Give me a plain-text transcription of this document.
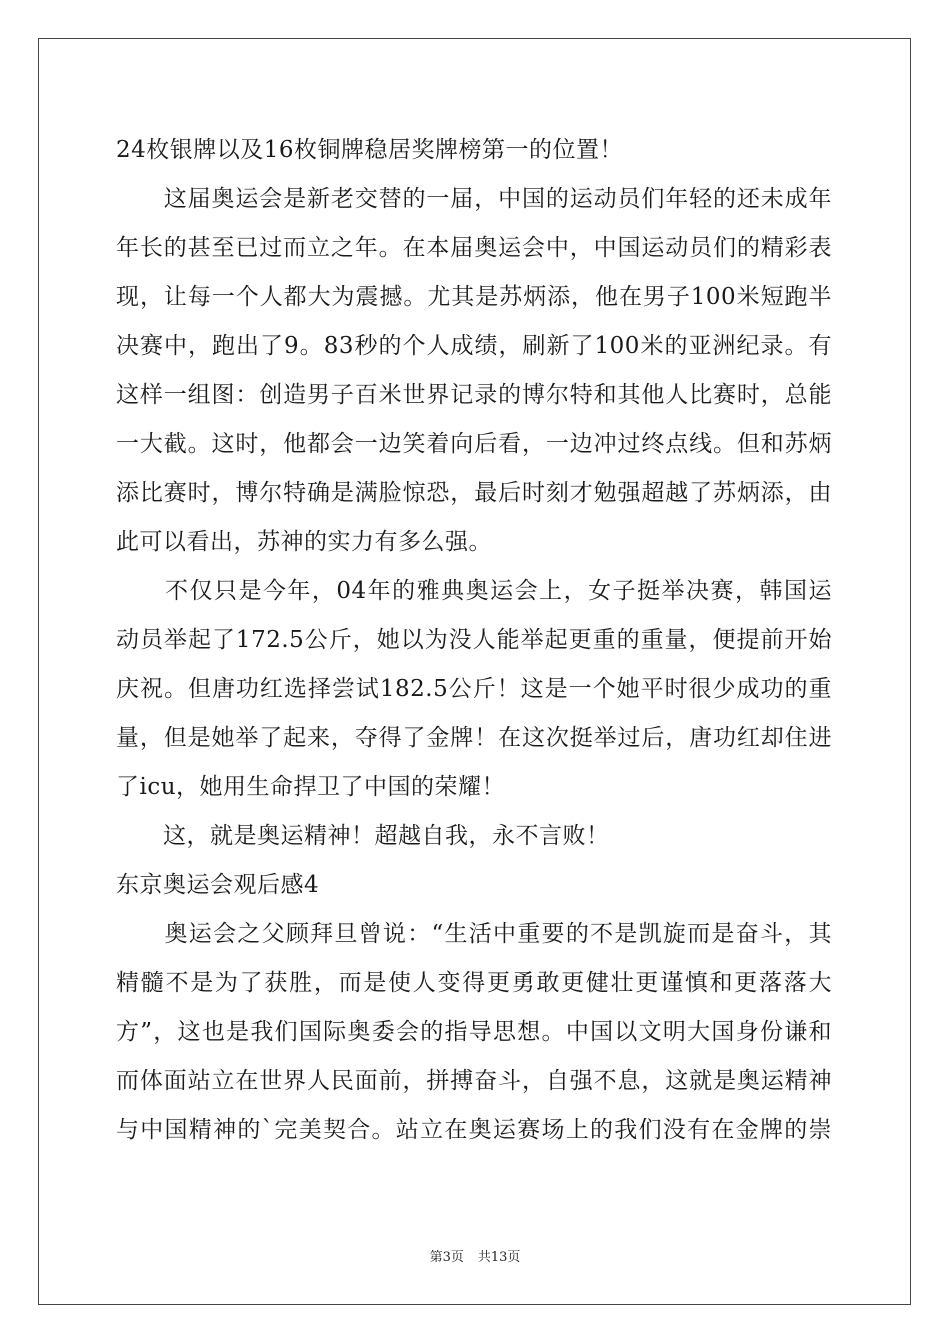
24枚银牌以及16枚铜牌稳居奖牌榜第一的位置！
　　这届奥运会是新老交替的一届，中国的运动员们年轻的还未成年
年长的甚至已过而立之年。在本届奥运会中，中国运动员们的精彩表
现，让每一个人都大为震撼。尤其是苏炳添，他在男子100米短跑半
决赛中，跑出了9。83秒的个人成绩，刷新了100米的亚洲纪录。有
这样一组图：创造男子百米世界记录的博尔特和其他人比赛时，总能
一大截。这时，他都会一边笑着向后看，一边冲过终点线。但和苏炳
添比赛时，博尔特确是满脸惊恐，最后时刻才勉强超越了苏炳添，由
此可以看出，苏神的实力有多么强。
　　不仅只是今年，04年的雅典奥运会上，女子挺举决赛，韩国运
动员举起了172.5公斤，她以为没人能举起更重的重量，便提前开始
庆祝。但唐功红选择尝试182.5公斤！这是一个她平时很少成功的重
量，但是她举了起来，夺得了金牌！在这次挺举过后，唐功红却住进
了icu，她用生命捍卫了中国的荣耀！
　　这，就是奥运精神！超越自我，永不言败！
东京奥运会观后感4
　　奥运会之父顾拜旦曾说：“生活中重要的不是凯旋而是奋斗，其
精髓不是为了获胜，而是使人变得更勇敢更健壮更谨慎和更落落大
方”，这也是我们国际奥委会的指导思想。中国以文明大国身份谦和
而体面站立在世界人民面前，拼搏奋斗，自强不息，这就是奥运精神
与中国精神的`完美契合。站立在奥运赛场上的我们没有在金牌的崇
第3页 共13页
